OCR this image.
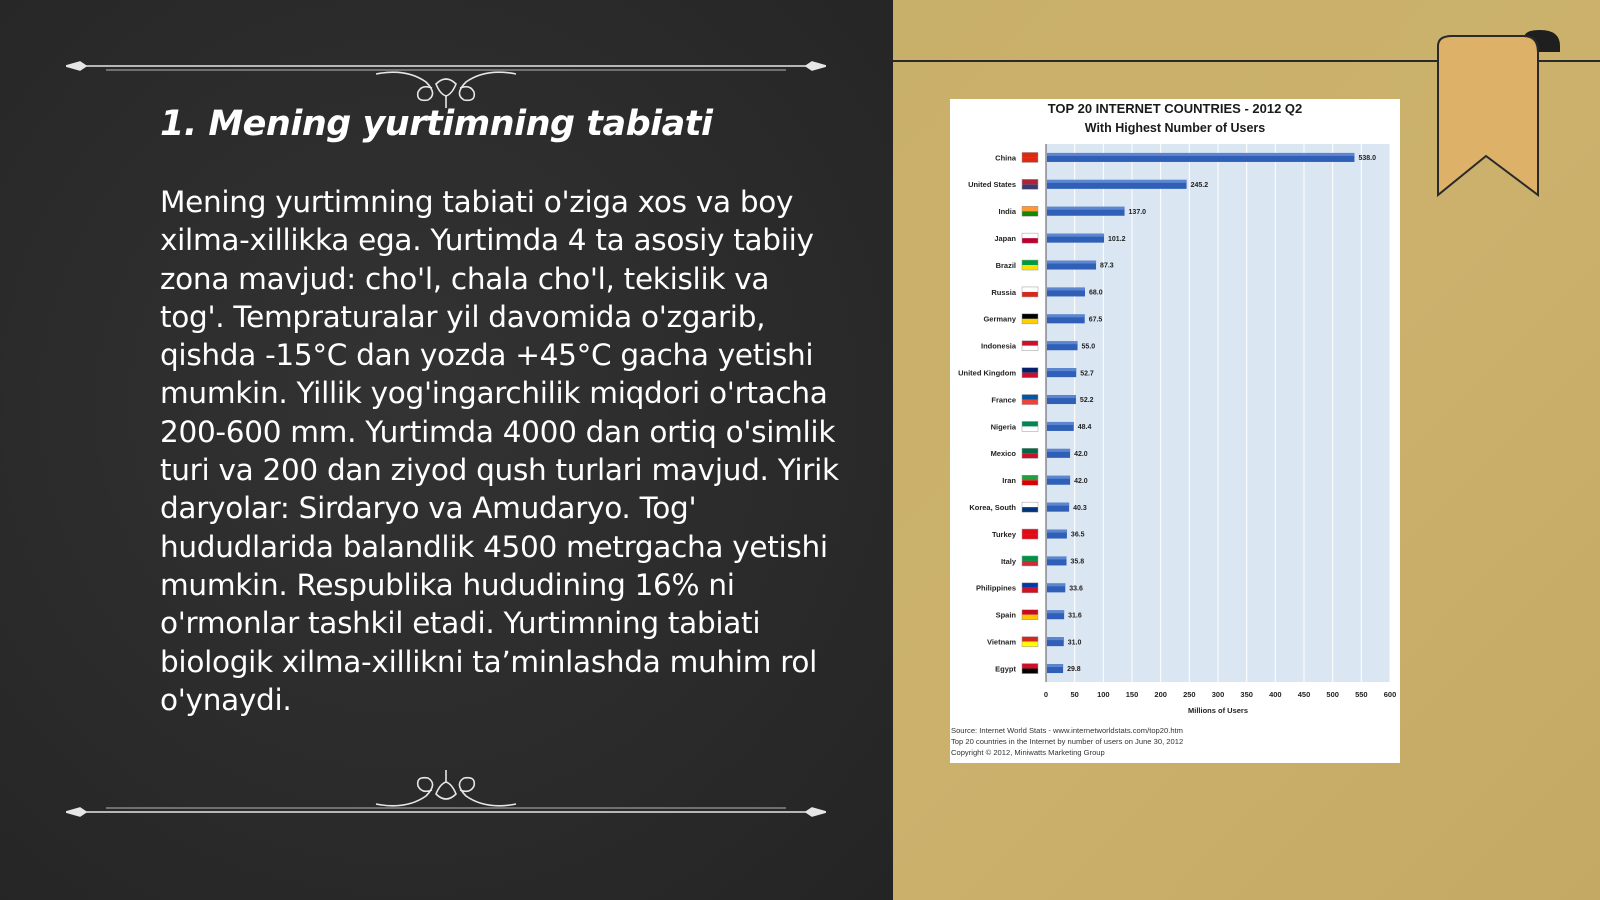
1. Mening yurtimning tabiati

Mening yurtimning tabiati o'ziga xos va boy xilma-xillikka ega. Yurtimda 4 ta asosiy tabiiy zona mavjud: cho'l, chala cho'l, tekislik va tog'. Tempraturalar yil davomida o'zgarib, qishda -15°C dan yozda +45°C gacha yetishi mumkin. Yillik yog'ingarchilik miqdori o'rtacha 200-600 mm. Yurtimda 4000 dan ortiq o'simlik turi va 200 dan ziyod qush turlari mavjud. Yirik daryolar: Sirdaryo va Amudaryo. Tog' hududlarida balandlik 4500 metrgacha yetishi mumkin. Respublika hududining 16% ni o'rmonlar tashkil etadi. Yurtimning tabiati biologik xilma-xillikni ta’minlashda muhim rol o'ynaydi.

TOP 20 INTERNET COUNTRIES - 2012 Q2
With Highest Number of Users
0	50 100 150 200 250 300 350 400 450 500 550 600
Millions of Users
538.0
China
245.2
United States
137.0
India
101.2
Japan
87.3
Brazil
68.0
Russia
67.5
Germany
55.0
Indonesia
52.7
United Kingdom
52.2
France
48.4
Nigeria
42.0
Mexico
42.0
Iran
40.3
Korea, South
36.5
Turkey
35.8
Italy
33.6
Philippines
31.6
Spain
31.0
Vietnam
29.8
Egypt
Source: Internet World Stats - www.internetworldstats.com/top20.htm
Top 20 countries in the Internet by number of users on June 30, 2012
Copyright © 2012, Miniwatts Marketing Group
